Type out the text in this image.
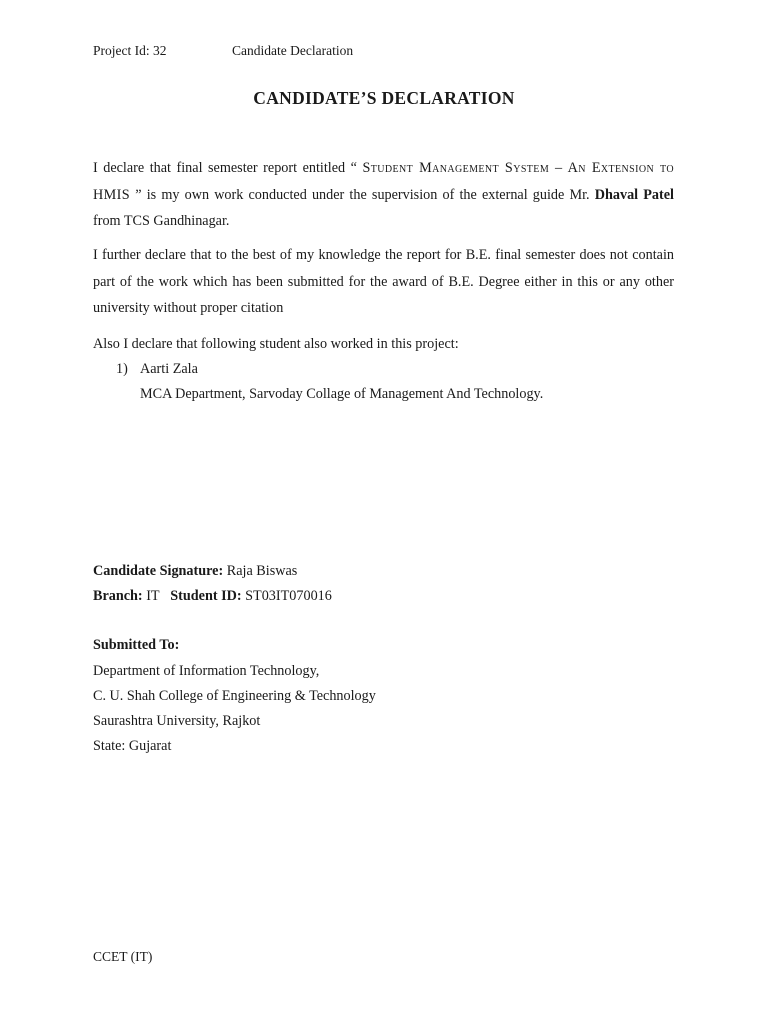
Project Id: 32	Candidate Declaration
CANDIDATE’S DECLARATION
I declare that final semester report entitled “ Student Management System – An Extension to HMIS ” is my own work conducted under the supervision of the external guide Mr. Dhaval Patel from TCS Gandhinagar.
I further declare that to the best of my knowledge the report for B.E. final semester does not contain part of the work which has been submitted for the award of B.E. Degree either in this or any other university without proper citation
Also I declare that following student also worked in this project:
1) Aarti Zala
MCA Department, Sarvoday Collage of Management And Technology.
Candidate Signature: Raja Biswas
Branch: IT Student ID: ST03IT070016
Submitted To:
Department of Information Technology,
C. U. Shah College of Engineering & Technology
Saurashtra University, Rajkot
State: Gujarat
CCET (IT)
